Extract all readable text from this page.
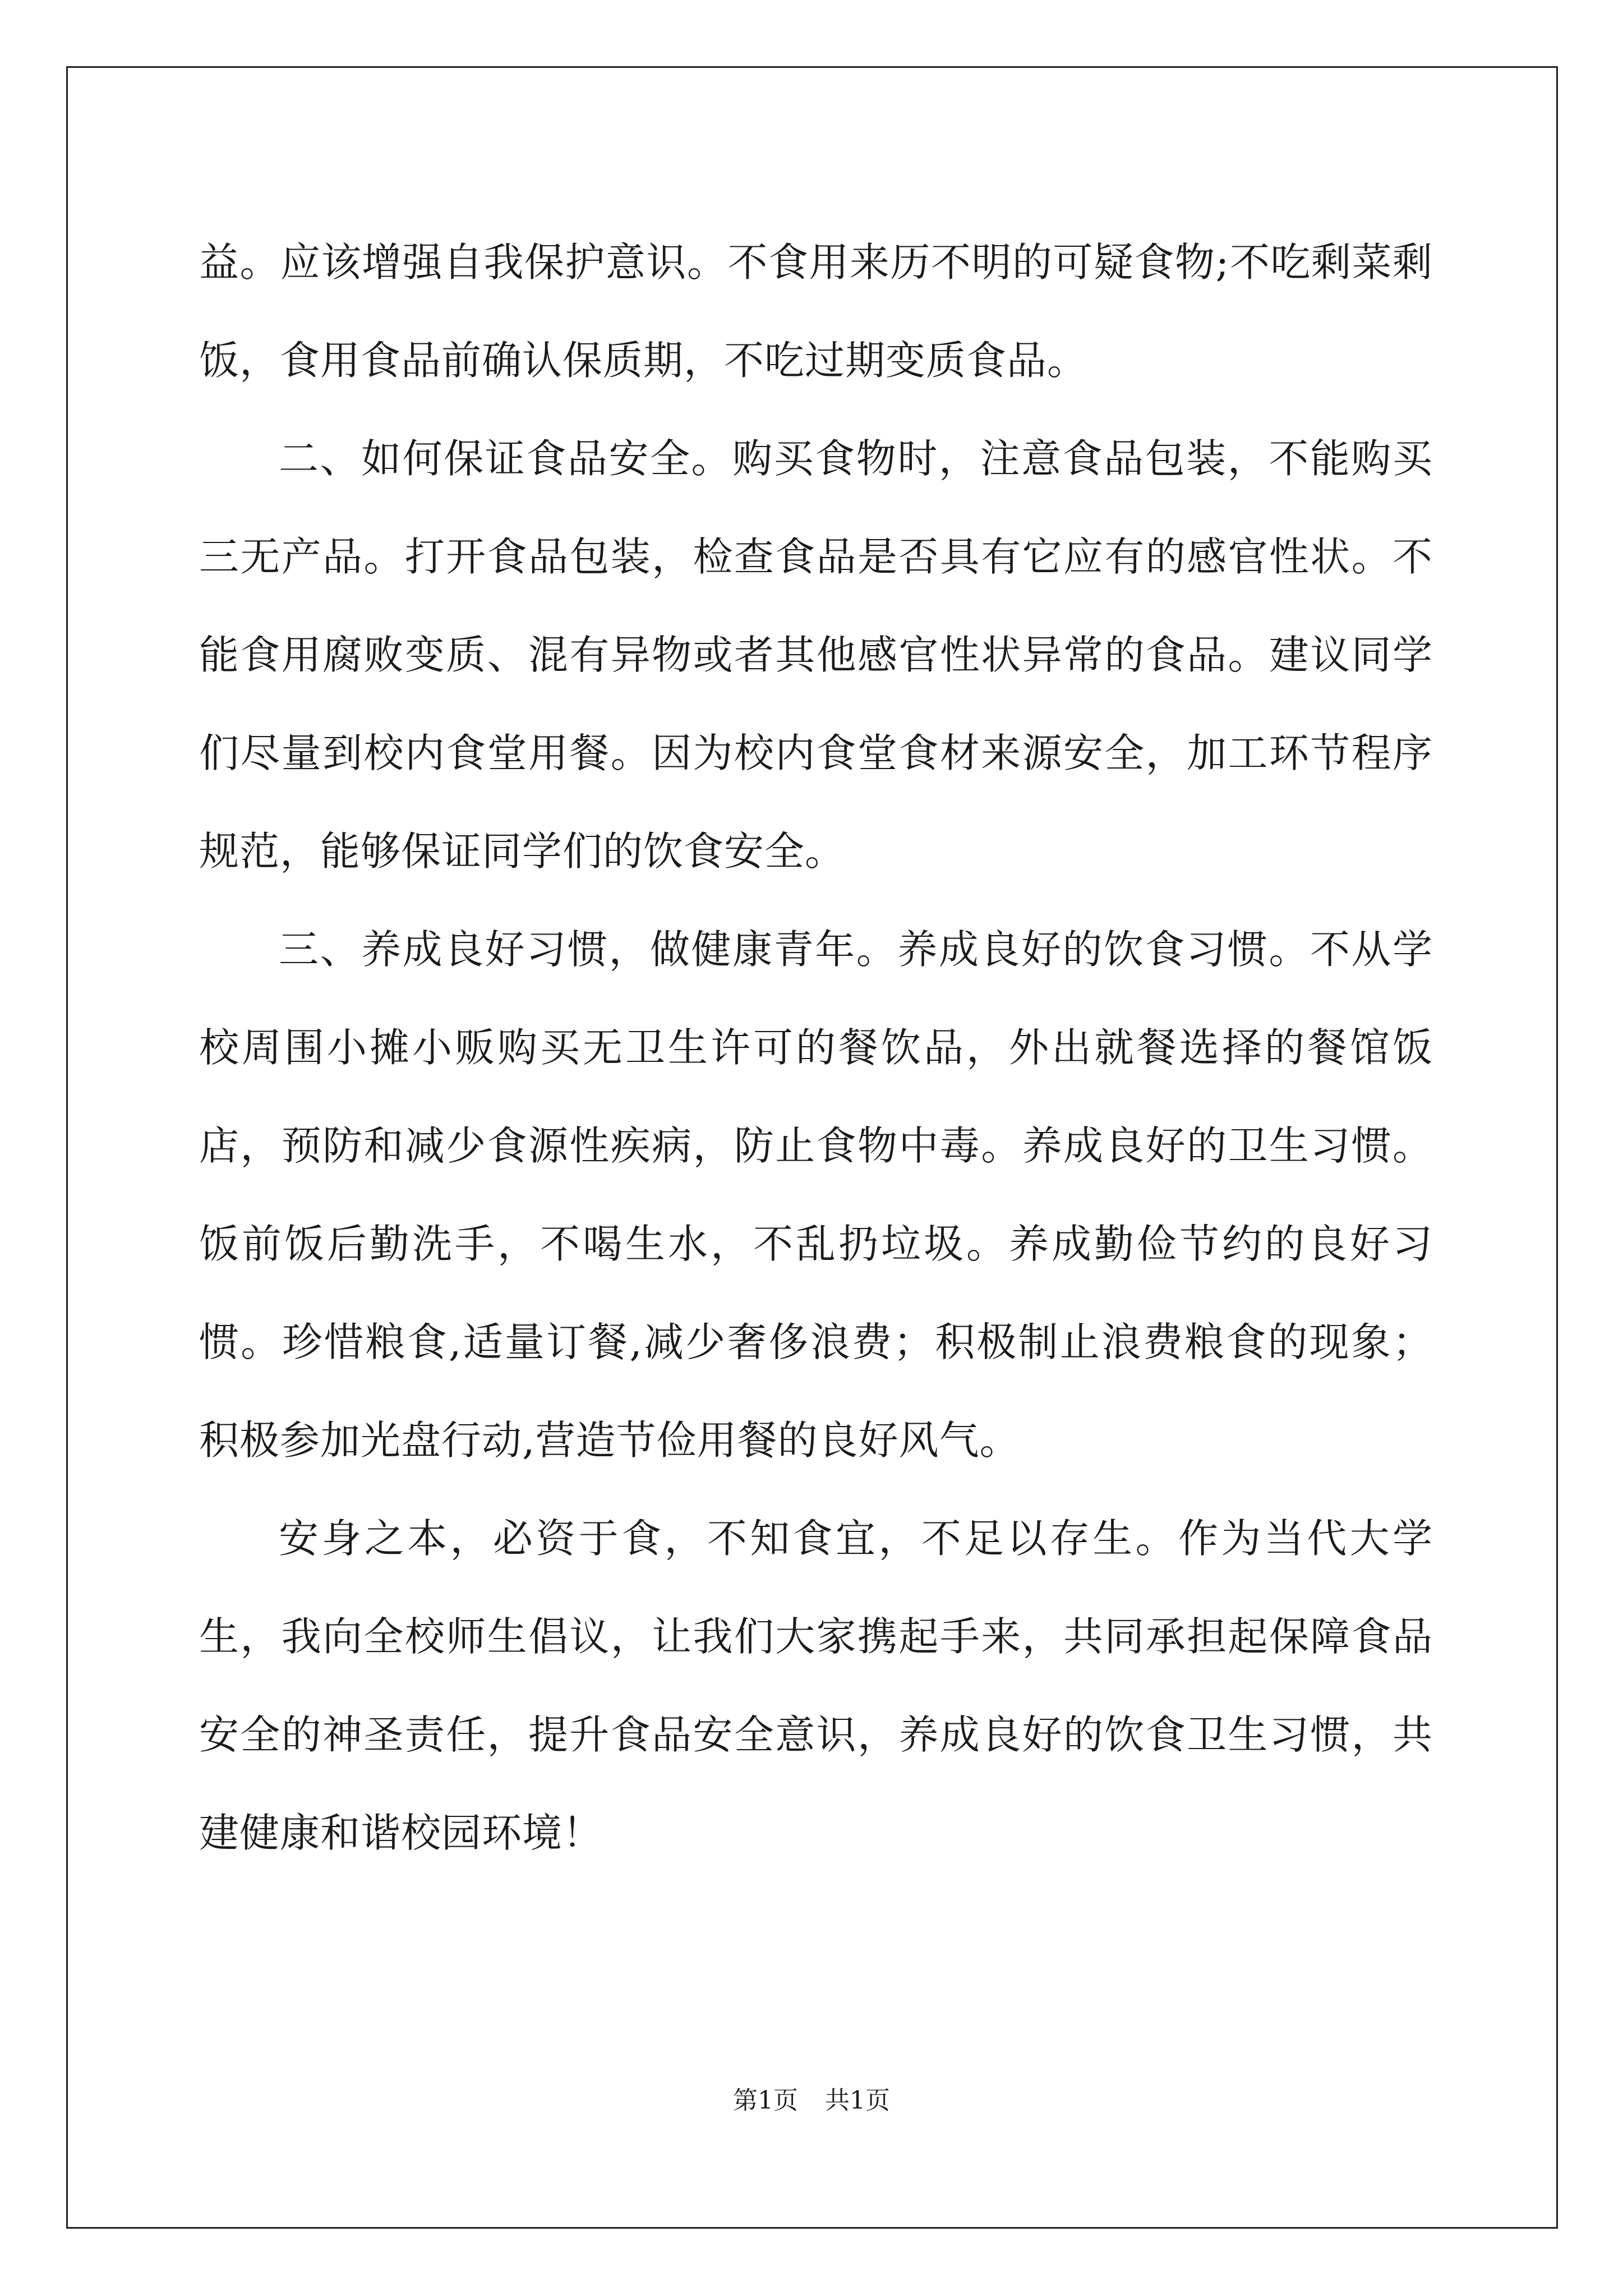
益。应该增强自我保护意识。不食用来历不明的可疑食物;不吃剩菜剩饭，食用食品前确认保质期，不吃过期变质食品。

二、如何保证食品安全。购买食物时，注意食品包装，不能购买三无产品。打开食品包装，检查食品是否具有它应有的感官性状。不能食用腐败变质、混有异物或者其他感官性状异常的食品。建议同学们尽量到校内食堂用餐。因为校内食堂食材来源安全，加工环节程序规范，能够保证同学们的饮食安全。

三、养成良好习惯，做健康青年。养成良好的饮食习惯。不从学校周围小摊小贩购买无卫生许可的餐饮品，外出就餐选择的餐馆饭店，预防和减少食源性疾病，防止食物中毒。养成良好的卫生习惯。饭前饭后勤洗手，不喝生水，不乱扔垃圾。养成勤俭节约的良好习惯。珍惜粮食,适量订餐,减少奢侈浪费；积极制止浪费粮食的现象；积极参加光盘行动,营造节俭用餐的良好风气。

安身之本，必资于食，不知食宜，不足以存生。作为当代大学生，我向全校师生倡议，让我们大家携起手来，共同承担起保障食品安全的神圣责任，提升食品安全意识，养成良好的饮食卫生习惯，共建健康和谐校园环境！

第1页 共1页
